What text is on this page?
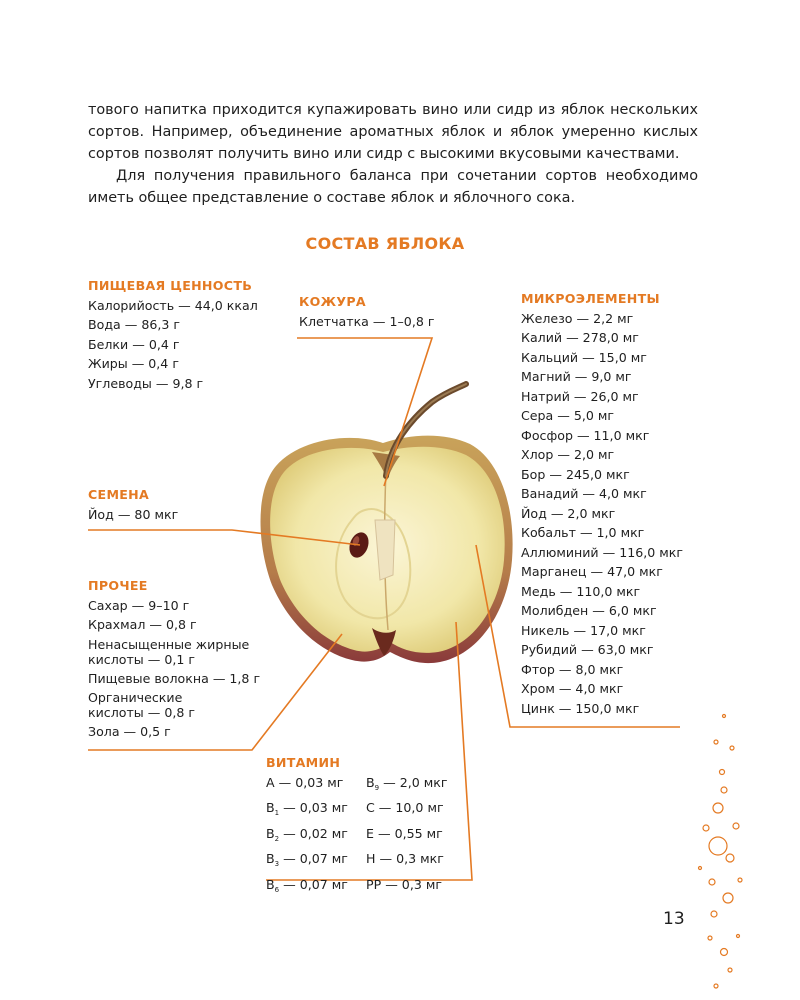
тового напитка приходится купажировать вино или сидр из яблок нескольких сортов. Например, объединение ароматных яблок и яблок умеренно кислых сортов позволят получить вино или сидр с высокими вкусовыми качествами.

Для получения правильного баланса при сочетании сортов необходимо иметь общее представление о составе яблок и яблочного сока.

СОСТАВ ЯБЛОКА
ПИЩЕВАЯ ЦЕННОСТЬ
Калорийость — 44,0 ккал
Вода — 86,3 г
Белки — 0,4 г
Жиры — 0,4 г
Углеводы — 9,8 г
КОЖУРА
Клетчатка — 1–0,8 г
МИКРОЭЛЕМЕНТЫ
Железо — 2,2 мг
Калий — 278,0 мг
Кальций — 15,0 мг
Магний — 9,0 мг
Натрий — 26,0 мг
Сера — 5,0 мг
Фосфор — 11,0 мкг
Хлор — 2,0 мг
Бор — 245,0 мкг
Ванадий — 4,0 мкг
Йод — 2,0 мкг
Кобальт — 1,0 мкг
Аллюминий — 116,0 мкг
Марганец — 47,0 мкг
Медь — 110,0 мкг
Молибден — 6,0 мкг
Никель — 17,0 мкг
Рубидий — 63,0 мкг
Фтор — 8,0 мкг
Хром — 4,0 мкг
Цинк — 150,0 мкг
СЕМЕНА
Йод — 80 мкг
ПРОЧЕЕ
Сахар — 9–10 г
Крахмал — 0,8 г
Ненасыщенные жирные
кислоты — 0,1 г
Пищевые волокна — 1,8 г
Органические
кислоты — 0,8 г
Зола — 0,5 г
ВИТАМИН
A — 0,03 мг	$B_9$ — 2,0 мкг
$B_1$ — 0,03 мг	C — 10,0 мг
$B_2$ — 0,02 мг	E — 0,55 мг
$B_3$ — 0,07 мг	H — 0,3 мкг
$B_6$ — 0,07 мг	PP — 0,3 мг
13
